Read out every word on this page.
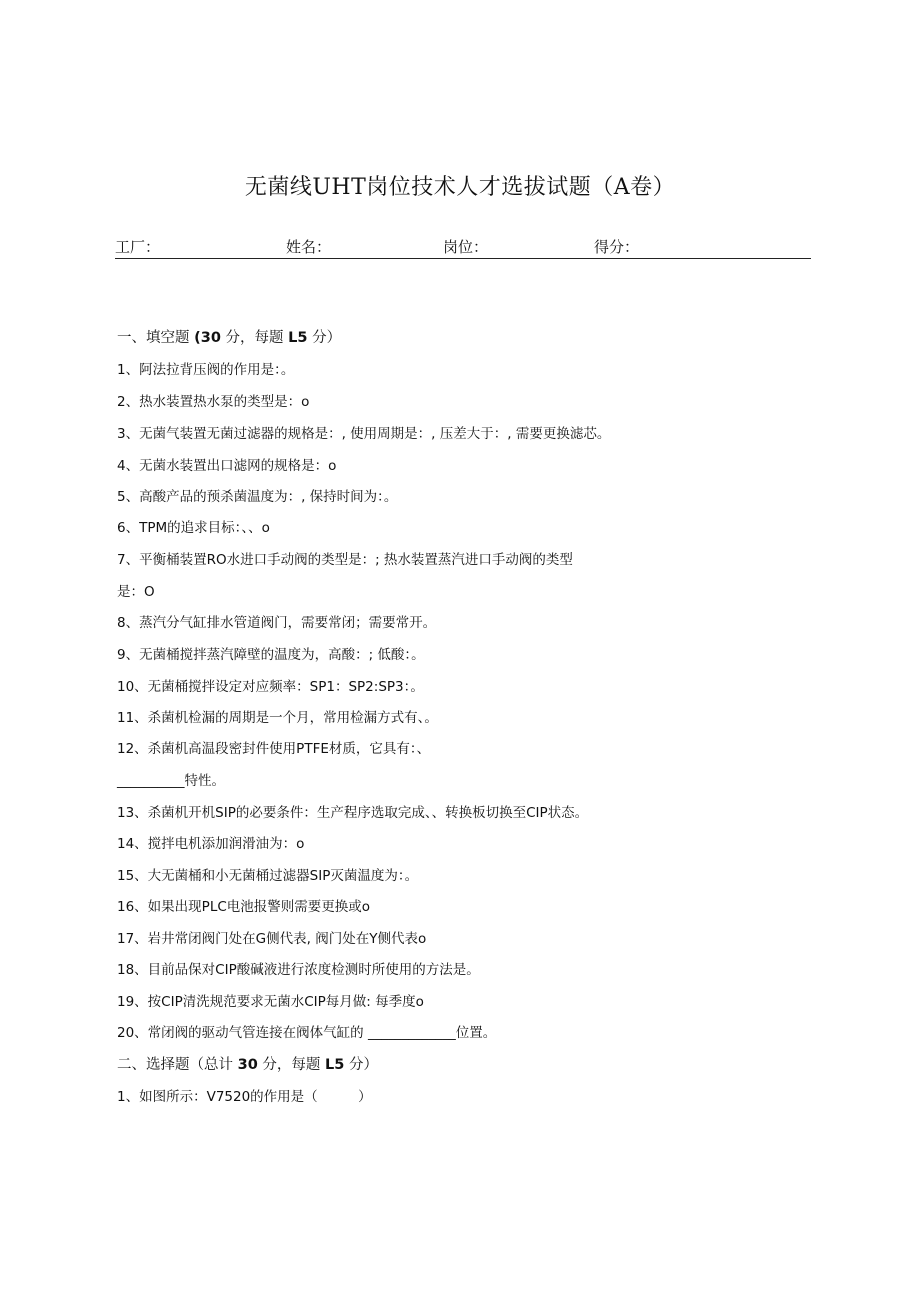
无菌线UHT岗位技术人才选拔试题（A卷）
工厂：	姓名：	岗位：	得分：
一、填空题 (30 分，每题 L5 分）
1、阿法拉背压阀的作用是：。
2、热水装置热水泵的类型是：o
3、无菌气装置无菌过滤器的规格是：, 使用周期是：, 压差大于：, 需要更换滤芯。
4、无菌水装置出口滤网的规格是：o
5、高酸产品的预杀菌温度为：, 保持时间为：。
6、TPM的追求目标：、、o
7、平衡桶装置RO水进口手动阀的类型是：; 热水装置蒸汽进口手动阀的类型
是：O
8、蒸汽分气缸排水管道阀门，需要常闭；需要常开。
9、无菌桶搅拌蒸汽障壁的温度为，高酸：; 低酸：。
10、无菌桶搅拌设定对应频率：SP1：SP2:SP3：。
11、杀菌机检漏的周期是一个月，常用检漏方式有、。
12、杀菌机高温段密封件使用PTFE材质，它具有：、
__________特性。
13、杀菌机开机SIP的必要条件：生产程序选取完成、、转换板切换至CIP状态。
14、搅拌电机添加润滑油为：o
15、大无菌桶和小无菌桶过滤器SIP灭菌温度为：。
16、如果出现PLC电池报警则需要更换或o
17、岩井常闭阀门处在G侧代表, 阀门处在Y侧代表o
18、目前品保对CIP酸碱液进行浓度检测时所使用的方法是。
19、按CIP清洗规范要求无菌水CIP每月做: 每季度o
20、常闭阀的驱动气管连接在阀体气缸的 _____________位置。
二、选择题（总计 30 分，每题 L5 分）
1、如图所示：V7520的作用是（　　　）
